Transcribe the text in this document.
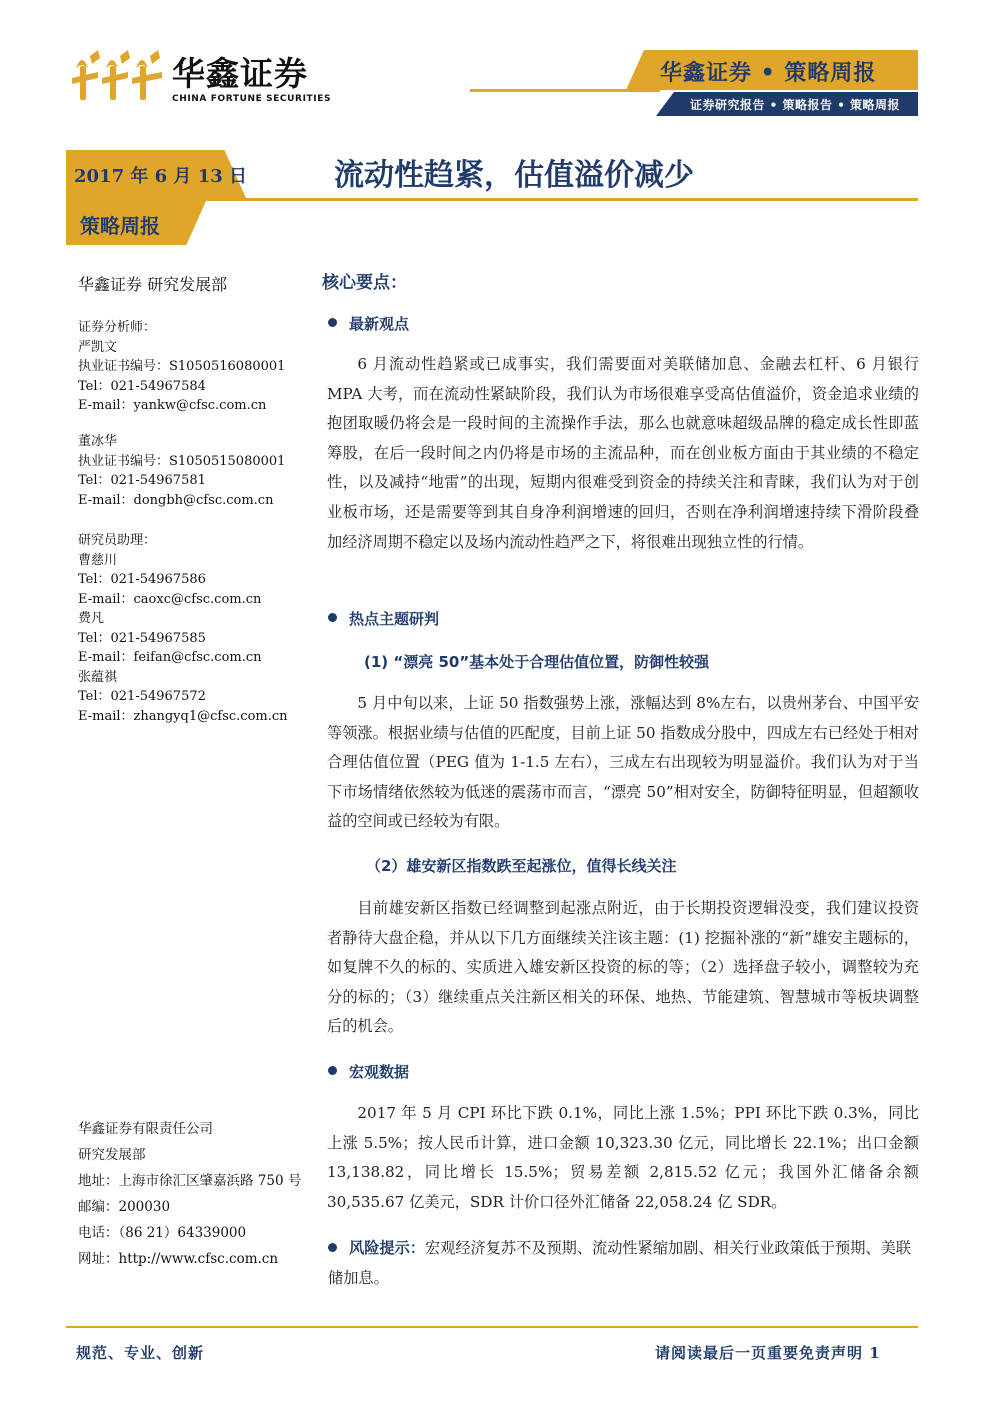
华鑫证券
CHINA FORTUNE SECURITIES
华鑫证券 • 策略周报
证券研究报告 • 策略报告 • 策略周报
2017 年 6 月 13 日	流动性趋紧，估值溢价减少
策略周报
华鑫证券 研究发展部
证券分析师：
严凯文
执业证书编号：S1050516080001
Tel：021-54967584
E-mail：yankw@cfsc.com.cn
董冰华
执业证书编号：S1050515080001
Tel：021-54967581
E-mail：dongbh@cfsc.com.cn
研究员助理：
曹慈川
Tel：021-54967586
E-mail：caoxc@cfsc.com.cn
费凡
Tel：021-54967585
E-mail：feifan@cfsc.com.cn
张蕴祺
Tel：021-54967572
E-mail：zhangyq1@cfsc.com.cn
华鑫证券有限责任公司
研究发展部
地址：上海市徐汇区肇嘉浜路 750 号
邮编：200030
电话：（86 21）64339000
网址：http://www.cfsc.com.cn
核心要点：
最新观点
6 月流动性趋紧或已成事实，我们需要面对美联储加息、金融去杠杆、6 月银行 MPA 大考，而在流动性紧缺阶段，我们认为市场很难享受高估值溢价，资金追求业绩的抱团取暖仍将会是一段时间的主流操作手法，那么也就意味超级品牌的稳定成长性即蓝筹股，在后一段时间之内仍将是市场的主流品种，而在创业板方面由于其业绩的不稳定性，以及减持“地雷”的出现，短期内很难受到资金的持续关注和青睐，我们认为对于创业板市场，还是需要等到其自身净利润增速的回归，否则在净利润增速持续下滑阶段叠加经济周期不稳定以及场内流动性趋严之下，将很难出现独立性的行情。
热点主题研判
(1) “漂亮 50”基本处于合理估值位置，防御性较强
5 月中旬以来，上证 50 指数强势上涨，涨幅达到 8%左右，以贵州茅台、中国平安等领涨。根据业绩与估值的匹配度，目前上证 50 指数成分股中，四成左右已经处于相对合理估值位置（PEG 值为 1-1.5 左右），三成左右出现较为明显溢价。我们认为对于当下市场情绪依然较为低迷的震荡市而言，“漂亮 50”相对安全，防御特征明显，但超额收益的空间或已经较为有限。
（2）雄安新区指数跌至起涨位，值得长线关注
目前雄安新区指数已经调整到起涨点附近，由于长期投资逻辑没变，我们建议投资者静待大盘企稳，并从以下几方面继续关注该主题：(1) 挖掘补涨的“新”雄安主题标的，如复牌不久的标的、实质进入雄安新区投资的标的等；（2）选择盘子较小，调整较为充分的标的；（3）继续重点关注新区相关的环保、地热、节能建筑、智慧城市等板块调整后的机会。
宏观数据
2017 年 5 月 CPI 环比下跌 0.1%，同比上涨 1.5%；PPI 环比下跌 0.3%，同比上涨 5.5%；按人民币计算，进口金额 10,323.30 亿元，同比增长 22.1%；出口金额 13,138.82，同比增长 15.5%；贸易差额 2,815.52 亿元；我国外汇储备余额 30,535.67 亿美元，SDR 计价口径外汇储备 22,058.24 亿 SDR。
风险提示：宏观经济复苏不及预期、流动性紧缩加剧、相关行业政策低于预期、美联储加息。
规范、专业、创新	请阅读最后一页重要免责声明 1
